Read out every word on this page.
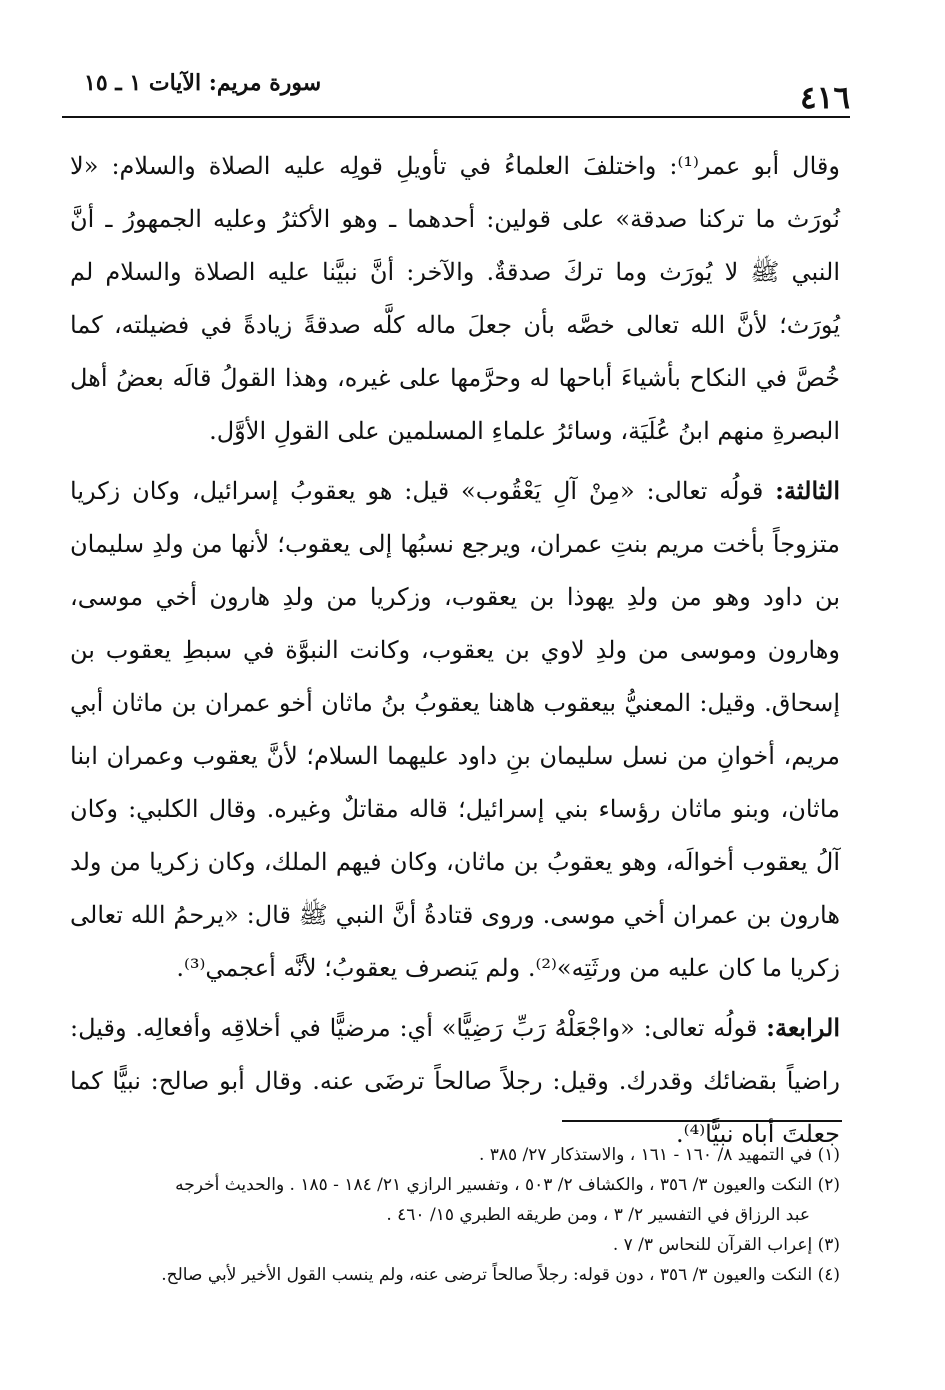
٤١٦
سورة مريم: الآيات ١ ـ ١٥

وقال أبو عمر⁽¹⁾: واختلفَ العلماءُ في تأويلِ قولِه عليه الصلاة والسلام: «لا نُورَث ما تركنا صدقة» على قولين: أحدهما ـ وهو الأكثرُ وعليه الجمهورُ ـ أنَّ النبي ﷺ لا يُورَث وما تركَ صدقةٌ. والآخر: أنَّ نبيَّنا عليه الصلاة والسلام لم يُورَث؛ لأنَّ الله تعالى خصَّه بأن جعلَ ماله كلَّه صدقةً زيادةً في فضيلته، كما خُصَّ في النكاح بأشياءَ أباحها له وحرَّمها على غيره، وهذا القولُ قالَه بعضُ أهل البصرةِ منهم ابنُ عُلَيَة، وسائرُ علماءِ المسلمين على القولِ الأوَّل.

الثالثة: قولُه تعالى: «مِنْ آلِ يَعْقُوب» قيل: هو يعقوبُ إسرائيل، وكان زكريا متزوجاً بأخت مريم بنتِ عمران، ويرجع نسبُها إلى يعقوب؛ لأنها من ولدِ سليمان بن داود وهو من ولدِ يهوذا بن يعقوب، وزكريا من ولدِ هارون أخي موسى، وهارون وموسى من ولدِ لاوي بن يعقوب، وكانت النبوَّة في سبطِ يعقوب بن إسحاق. وقيل: المعنيُّ بيعقوب هاهنا يعقوبُ بنُ ماثان أخو عمران بن ماثان أبي مريم، أخوانِ من نسل سليمان بنِ داود عليهما السلام؛ لأنَّ يعقوب وعمران ابنا ماثان، وبنو ماثان رؤساء بني إسرائيل؛ قاله مقاتلٌ وغيره. وقال الكلبي: وكان آلُ يعقوب أخوالَه، وهو يعقوبُ بن ماثان، وكان فيهم الملك، وكان زكريا من ولد هارون بن عمران أخي موسى. وروى قتادةُ أنَّ النبي ﷺ قال: «يرحمُ الله تعالى زكريا ما كان عليه من ورثَتِه»⁽²⁾. ولم يَنصرف يعقوبُ؛ لأنَّه أعجمي⁽³⁾.

الرابعة: قولُه تعالى: «واجْعَلْهُ رَبِّ رَضِيًّا» أي: مرضيًّا في أخلاقِه وأفعالِه. وقيل: راضياً بقضائك وقدرك. وقيل: رجلاً صالحاً ترضَى عنه. وقال أبو صالح: نبيًّا كما جعلتَ أباه نبيًّا⁽⁴⁾.

(١) في التمهيد ٨/ ١٦٠ - ١٦١ ، والاستذكار ٢٧/ ٣٨٥ .
(٢) النكت والعيون ٣/ ٣٥٦ ، والكشاف ٢/ ٥٠٣ ، وتفسير الرازي ٢١/ ١٨٤ - ١٨٥ . والحديث أخرجه
عبد الرزاق في التفسير ٢/ ٣ ، ومن طريقه الطبري ١٥/ ٤٦٠ .
(٣) إعراب القرآن للنحاس ٣/ ٧ .
(٤) النكت والعيون ٣/ ٣٥٦ ، دون قوله: رجلاً صالحاً ترضى عنه، ولم ينسب القول الأخير لأبي صالح.
